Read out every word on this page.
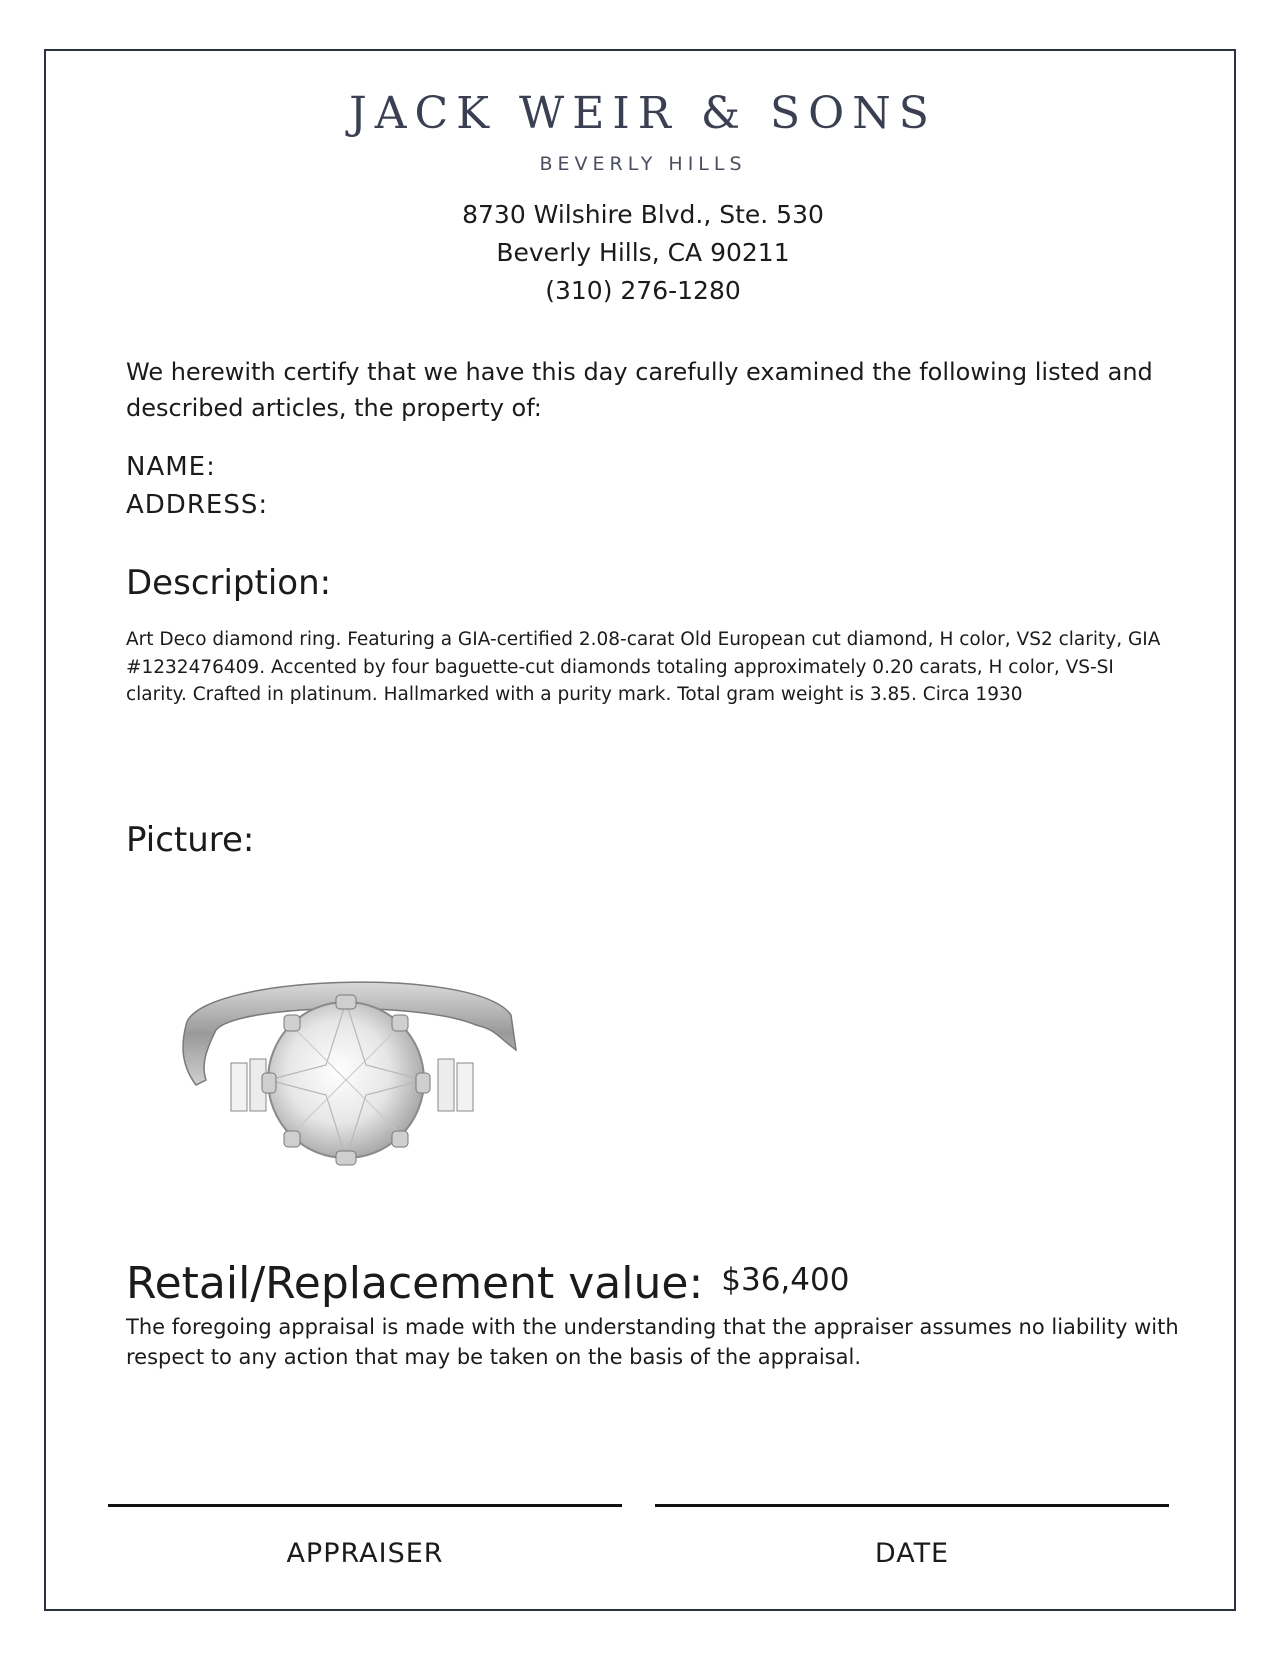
JACK WEIR & SONS
BEVERLY HILLS
8730 Wilshire Blvd., Ste. 530
Beverly Hills, CA 90211
(310) 276-1280

We herewith certify that we have this day carefully examined the following listed and described articles, the property of:

NAME:
ADDRESS:
Description:

Art Deco diamond ring. Featuring a GIA-certified 2.08-carat Old European cut diamond, H color, VS2 clarity, GIA #1232476409. Accented by four baguette-cut diamonds totaling approximately 0.20 carats, H color, VS-SI clarity. Crafted in platinum. Hallmarked with a purity mark. Total gram weight is 3.85. Circa 1930

Picture:
Retail/Replacement value: $36,400

The foregoing appraisal is made with the understanding that the appraiser assumes no liability with respect to any action that may be taken on the basis of the appraisal.

APPRAISER	DATE
